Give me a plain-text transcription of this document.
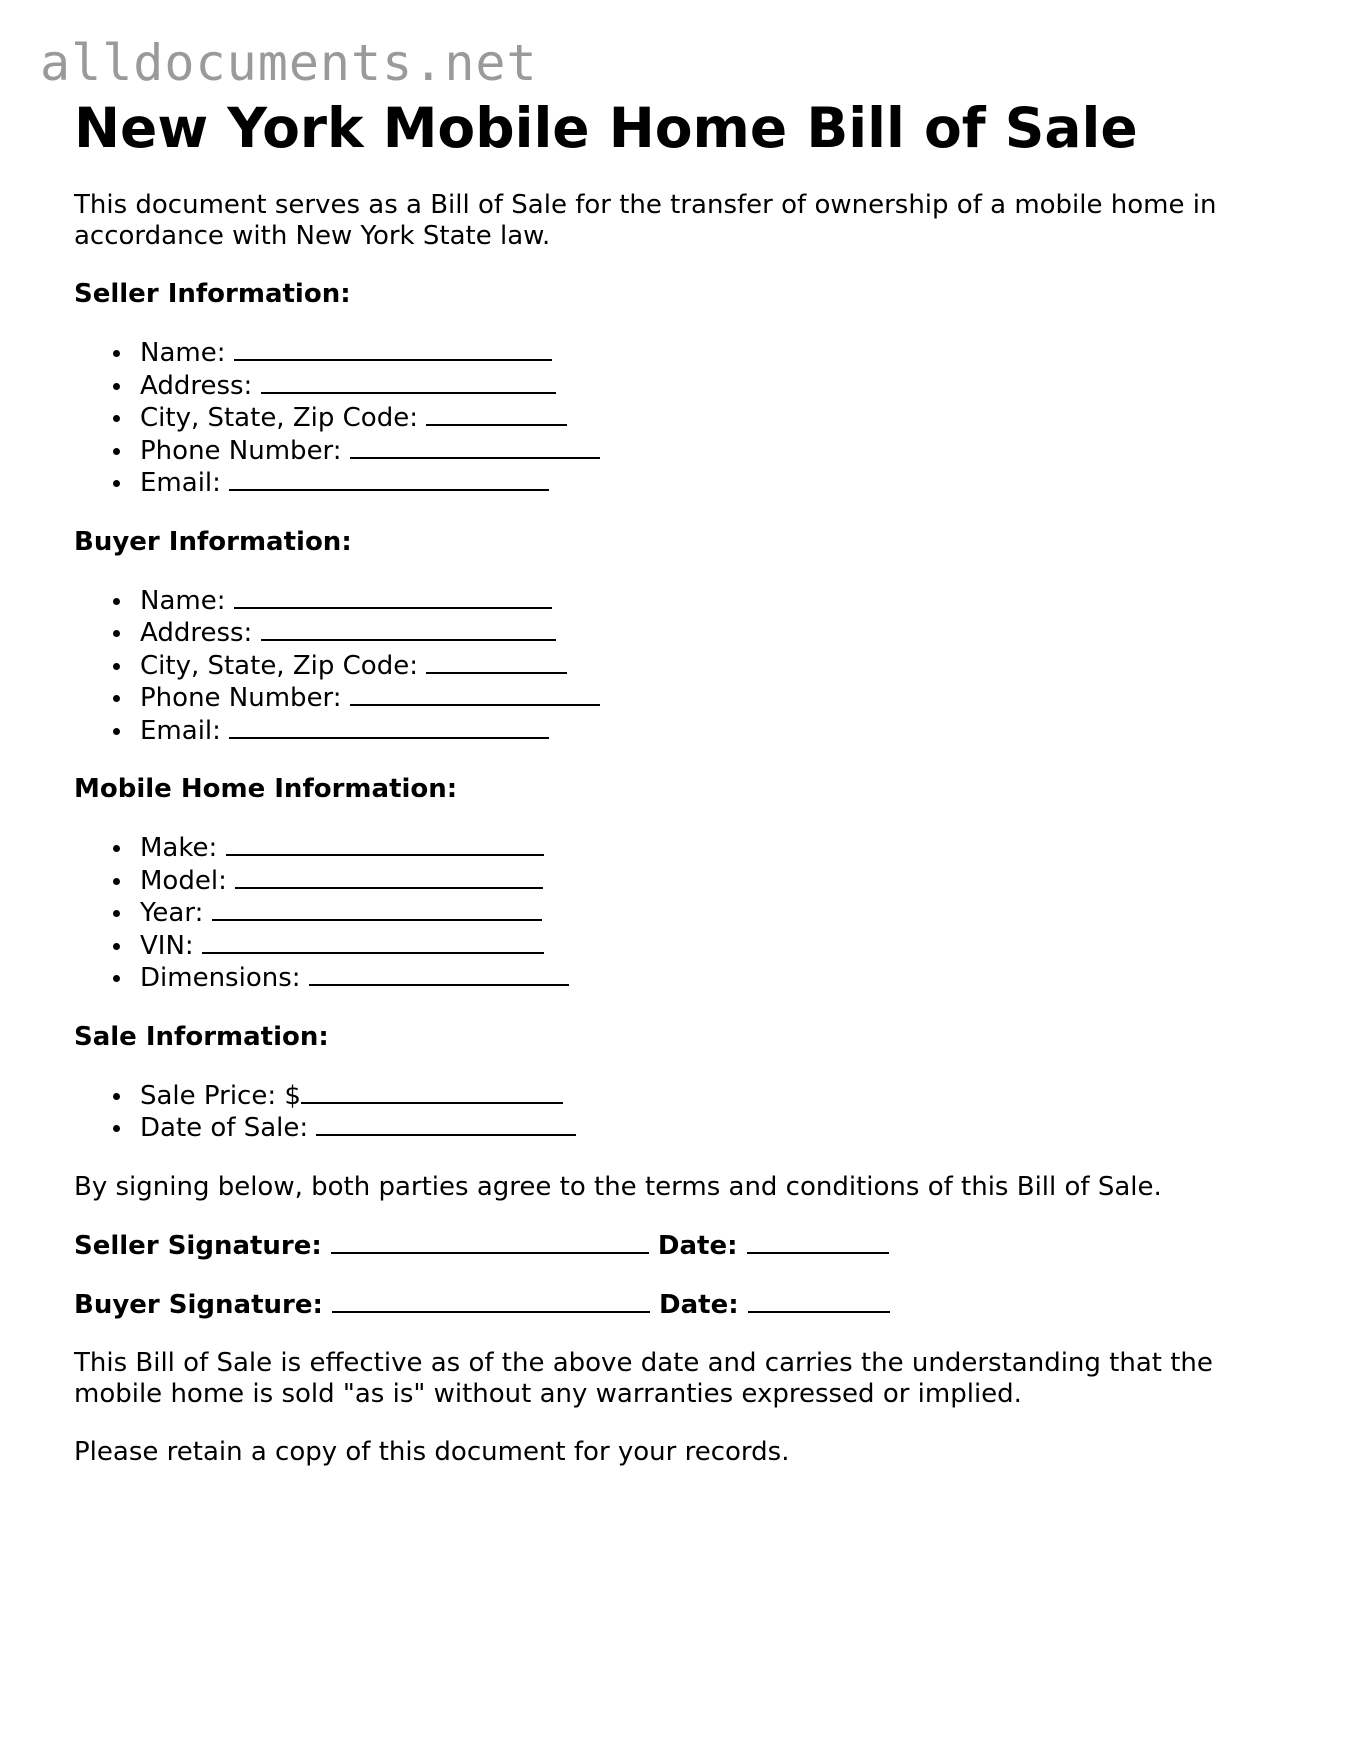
alldocuments.net
New York Mobile Home Bill of Sale

This document serves as a Bill of Sale for the transfer of ownership of a mobile home in accordance with New York State law.

Seller Information:
Name:
Address:
City, State, Zip Code:
Phone Number:
Email:
Buyer Information:
Name:
Address:
City, State, Zip Code:
Phone Number:
Email:
Mobile Home Information:
Make:
Model:
Year:
VIN:
Dimensions:
Sale Information:
Sale Price: $
Date of Sale:

By signing below, both parties agree to the terms and conditions of this Bill of Sale.

Seller Signature:	Date:
Buyer Signature:	Date:

This Bill of Sale is effective as of the above date and carries the understanding that the mobile home is sold "as is" without any warranties expressed or implied.

Please retain a copy of this document for your records.
